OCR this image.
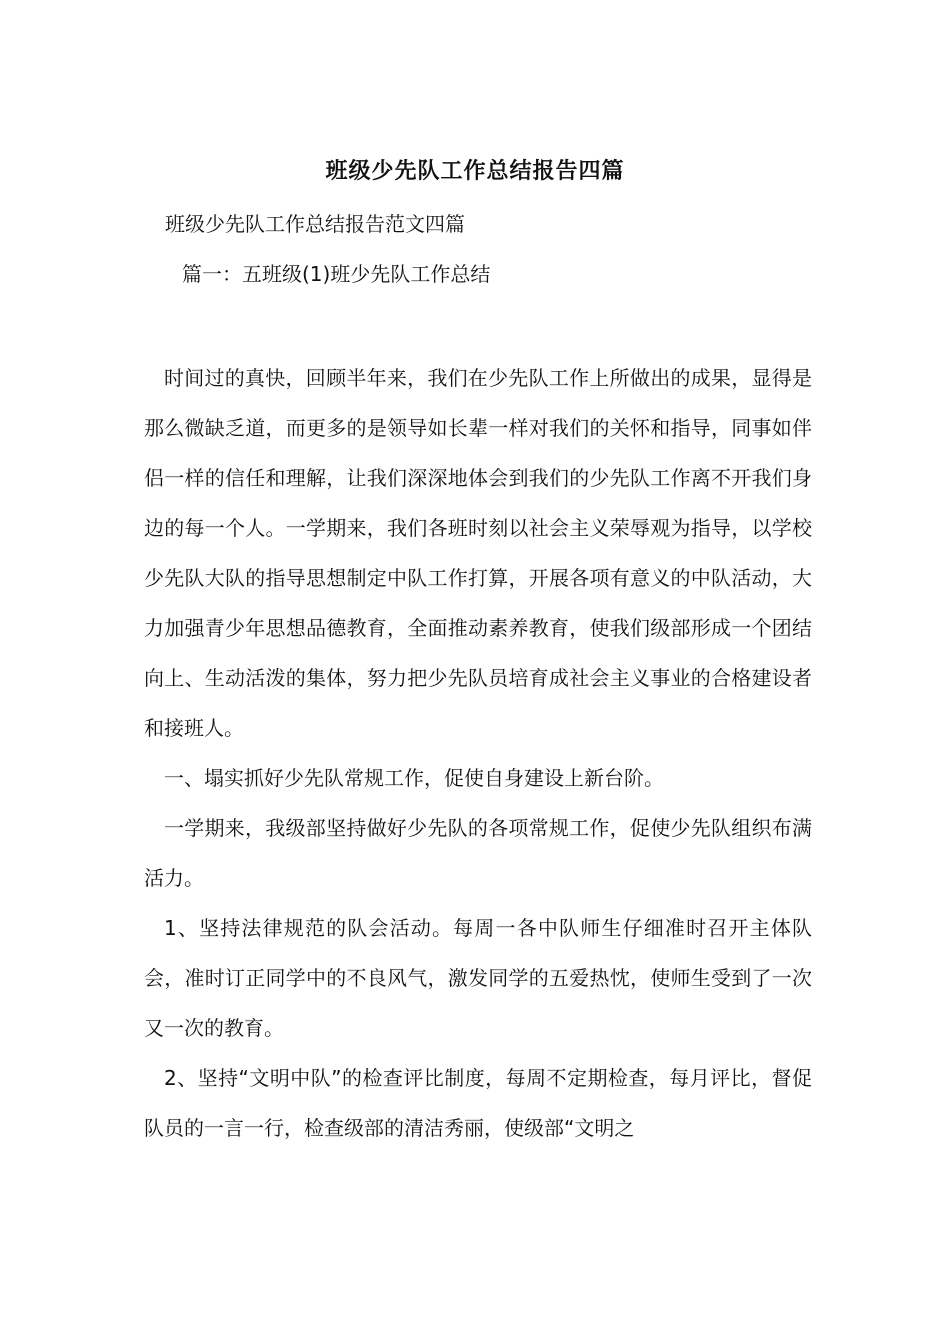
班级少先队工作总结报告四篇
班级少先队工作总结报告范文四篇
篇一：五班级(1)班少先队工作总结

时间过的真快，回顾半年来，我们在少先队工作上所做出的成果，显得是那么微缺乏道，而更多的是领导如长辈一样对我们的关怀和指导，同事如伴侣一样的信任和理解，让我们深深地体会到我们的少先队工作离不开我们身边的每一个人。一学期来，我们各班时刻以社会主义荣辱观为指导，以学校少先队大队的指导思想制定中队工作打算，开展各项有意义的中队活动，大力加强青少年思想品德教育，全面推动素养教育，使我们级部形成一个团结向上、生动活泼的集体，努力把少先队员培育成社会主义事业的合格建设者和接班人。

一、塌实抓好少先队常规工作，促使自身建设上新台阶。

一学期来，我级部坚持做好少先队的各项常规工作，促使少先队组织布满活力。

1、坚持法律规范的队会活动。每周一各中队师生仔细准时召开主体队会，准时订正同学中的不良风气，激发同学的五爱热忱，使师生受到了一次又一次的教育。

2、坚持“文明中队”的检查评比制度，每周不定期检查，每月评比，督促队员的一言一行，检查级部的清洁秀丽，使级部“文明之
